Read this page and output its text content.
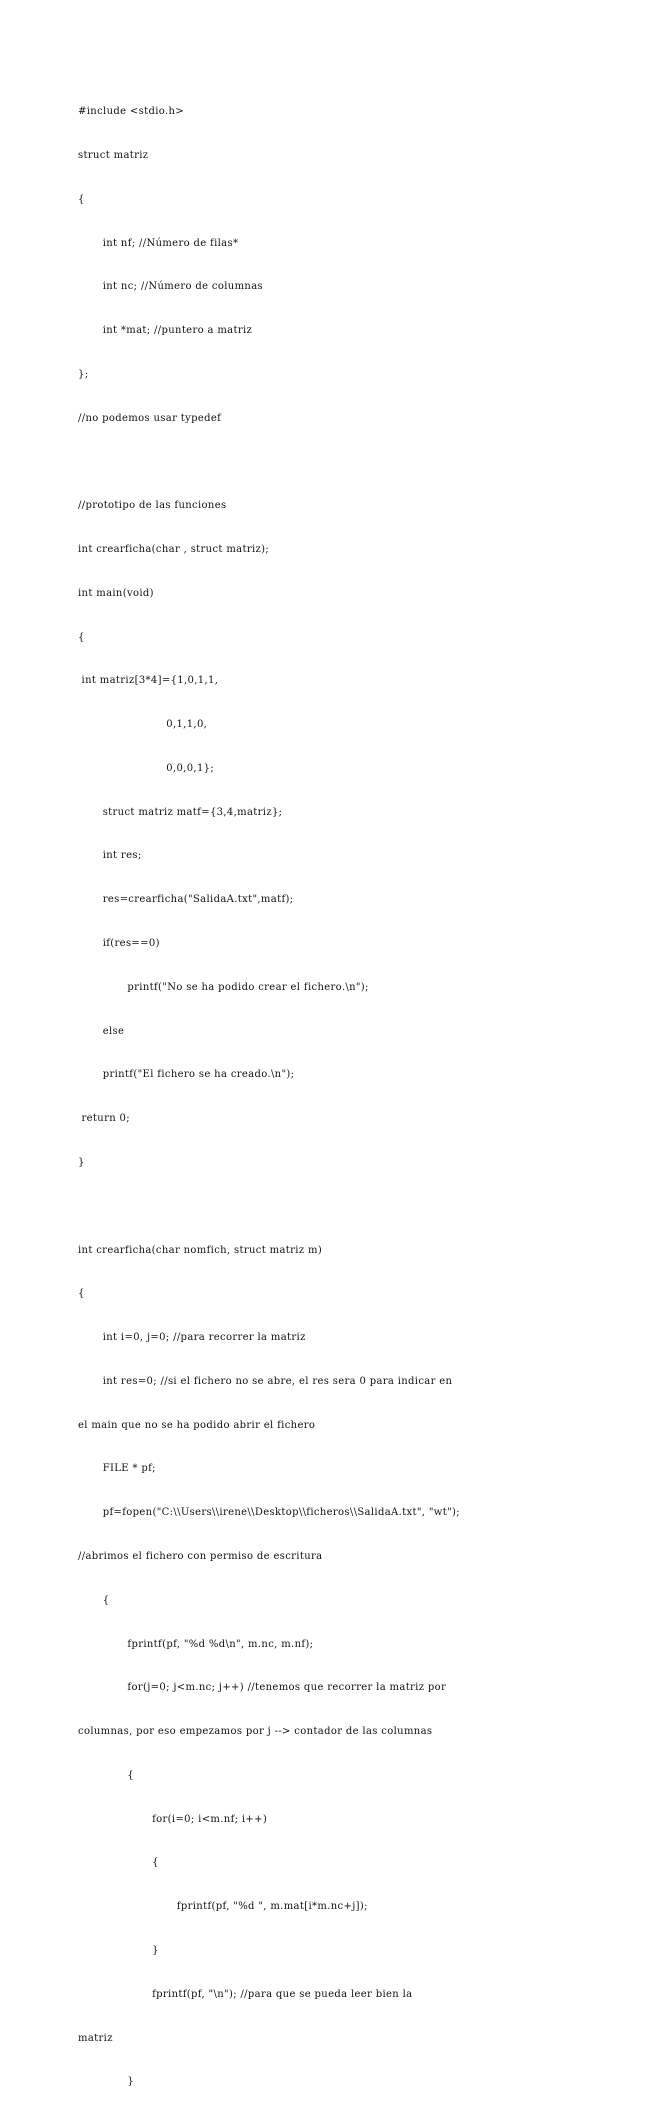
#include <stdio.h>

struct matriz

{

int nf; //Número de filas*

int nc; //Número de columnas

int *mat; //puntero a matriz

};

//no podemos usar typedef

//prototipo de las funciones

int crearficha(char , struct matriz);

int main(void)

{

int matriz[3*4]={1,0,1,1,

0,1,1,0,

0,0,0,1};

struct matriz matf={3,4,matriz};

int res;

res=crearficha("SalidaA.txt",matf);

if(res==0)

printf("No se ha podido crear el fichero.\n");

else

printf("El fichero se ha creado.\n");

return 0;

}

int crearficha(char nomfich, struct matriz m)

{

int i=0, j=0; //para recorrer la matriz

int res=0; //si el fichero no se abre, el res sera 0 para indicar en

el main que no se ha podido abrir el fichero

FILE * pf;

pf=fopen("C:\\Users\\irene\\Desktop\\ficheros\\SalidaA.txt", "wt");

//abrimos el fichero con permiso de escritura

{

fprintf(pf, "%d %d\n", m.nc, m.nf);

for(j=0; j<m.nc; j++) //tenemos que recorrer la matriz por

columnas, por eso empezamos por j --> contador de las columnas

{

for(i=0; i<m.nf; i++)

{

fprintf(pf, "%d ", m.mat[i*m.nc+j]);

}

fprintf(pf, "\n"); //para que se pueda leer bien la

matriz

}
